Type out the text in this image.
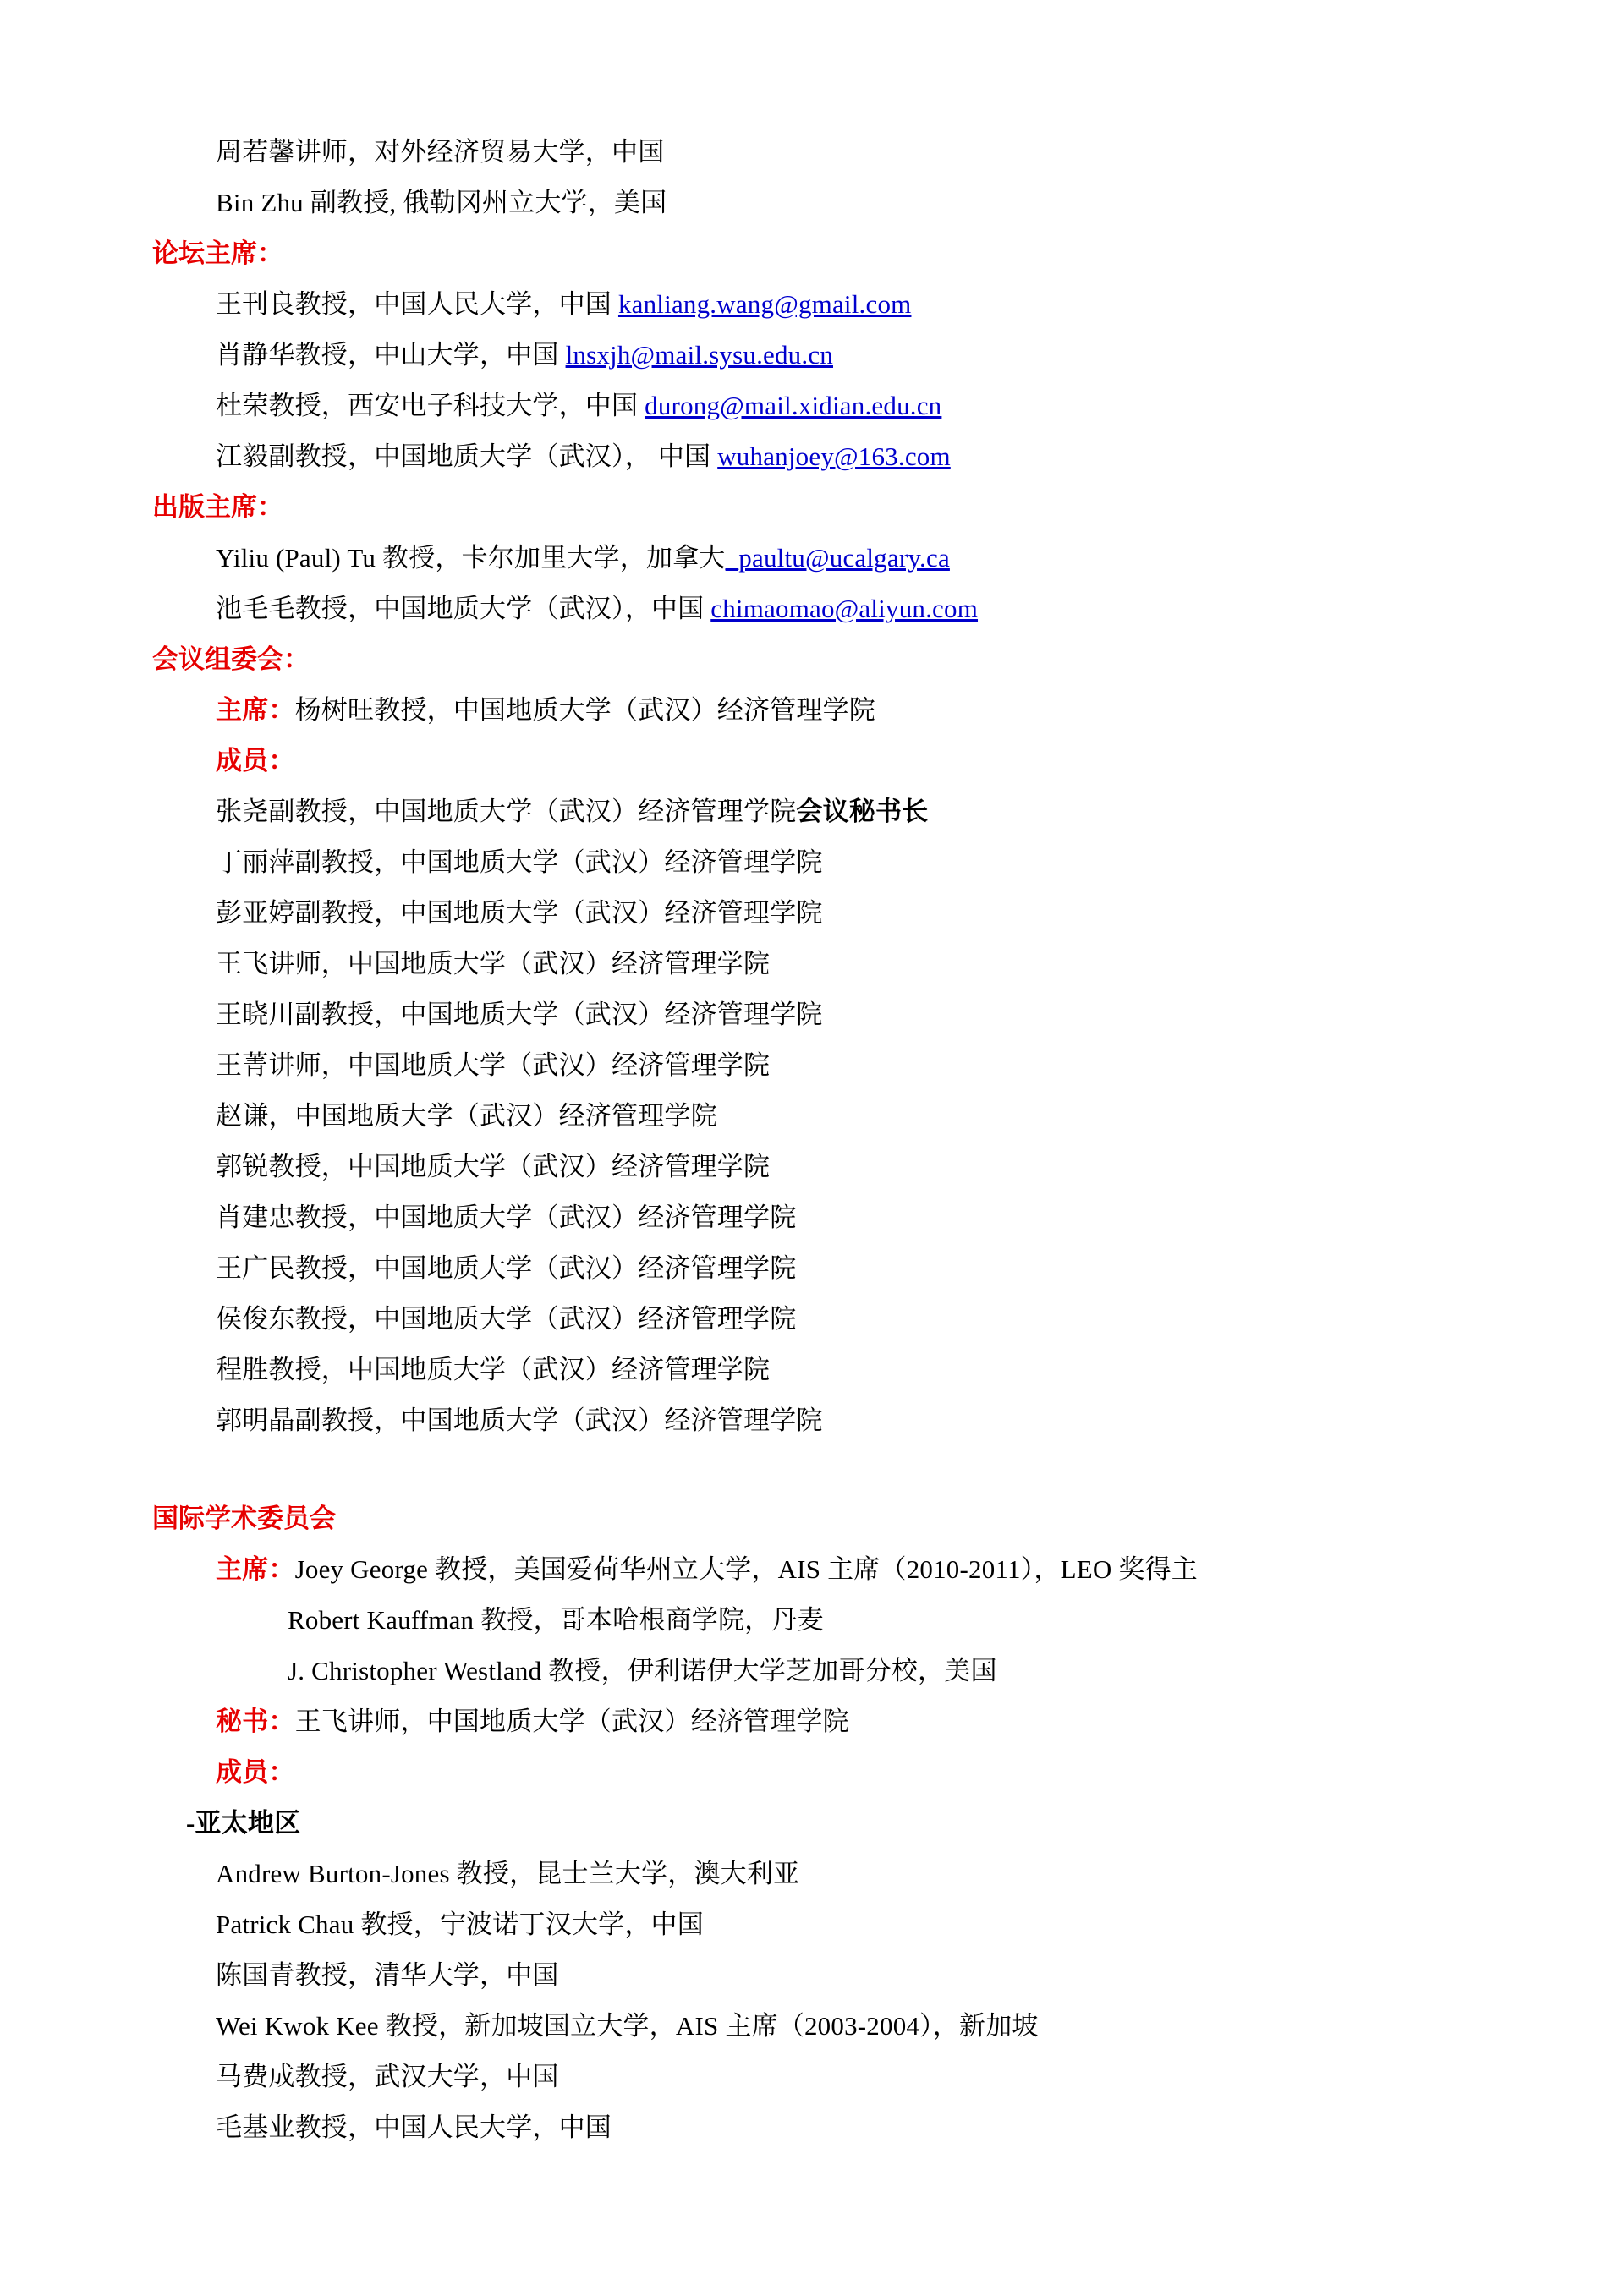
周若馨讲师，对外经济贸易大学，中国
Bin Zhu 副教授, 俄勒冈州立大学，美国
论坛主席：
王刊良教授，中国人民大学，中国 kanliang.wang@gmail.com
肖静华教授，中山大学，中国 lnsxjh@mail.sysu.edu.cn
杜荣教授，西安电子科技大学，中国 durong@mail.xidian.edu.cn
江毅副教授，中国地质大学（武汉）， 中国 wuhanjoey@163.com
出版主席：
Yiliu (Paul) Tu 教授，卡尔加里大学，加拿大_paultu@ucalgary.ca
池毛毛教授，中国地质大学（武汉），中国 chimaomao@aliyun.com
会议组委会：
主席：杨树旺教授，中国地质大学（武汉）经济管理学院
成员：
张尧副教授，中国地质大学（武汉）经济管理学院会议秘书长
丁丽萍副教授，中国地质大学（武汉）经济管理学院
彭亚婷副教授，中国地质大学（武汉）经济管理学院
王飞讲师，中国地质大学（武汉）经济管理学院
王晓川副教授，中国地质大学（武汉）经济管理学院
王菁讲师，中国地质大学（武汉）经济管理学院
赵谦，中国地质大学（武汉）经济管理学院
郭锐教授，中国地质大学（武汉）经济管理学院
肖建忠教授，中国地质大学（武汉）经济管理学院
王广民教授，中国地质大学（武汉）经济管理学院
侯俊东教授，中国地质大学（武汉）经济管理学院
程胜教授，中国地质大学（武汉）经济管理学院
郭明晶副教授，中国地质大学（武汉）经济管理学院
国际学术委员会
主席：Joey George 教授，美国爱荷华州立大学，AIS 主席（2010-2011），LEO 奖得主
Robert Kauffman 教授，哥本哈根商学院，丹麦
J. Christopher Westland 教授，伊利诺伊大学芝加哥分校，美国
秘书：王飞讲师，中国地质大学（武汉）经济管理学院
成员：
-亚太地区
Andrew Burton-Jones 教授，昆士兰大学，澳大利亚
Patrick Chau 教授，宁波诺丁汉大学，中国
陈国青教授，清华大学，中国
Wei Kwok Kee 教授，新加坡国立大学，AIS 主席（2003-2004），新加坡
马费成教授，武汉大学，中国
毛基业教授，中国人民大学，中国
